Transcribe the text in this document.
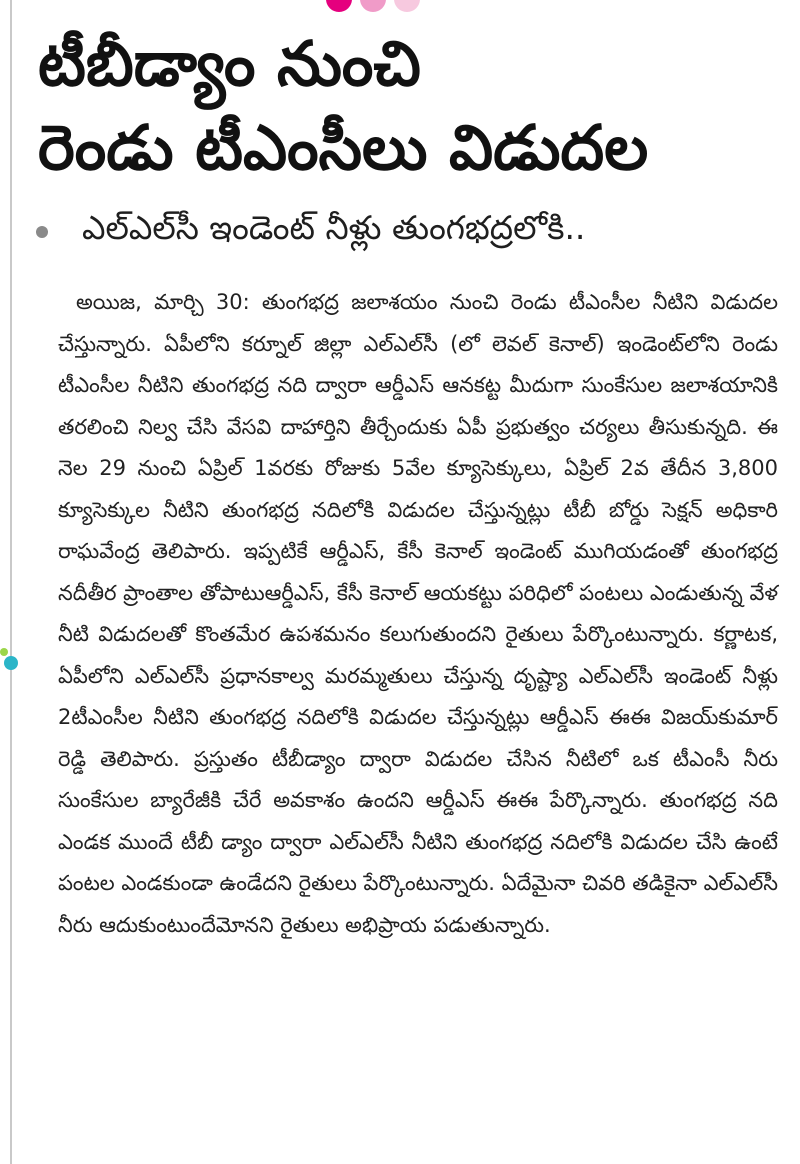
టీబీడ్యాం నుంచి
రెండు టీఎంసీలు విడుదల
ఎల్‌ఎల్‌సీ ఇండెంట్‌ నీళ్లు తుంగభద్రలోకి..

అయిజ, మార్చి 30: తుంగభద్ర జలాశయం నుంచి రెండు టీఎంసీల నీటిని విడుదల చేస్తున్నారు. ఏపీలోని కర్నూల్‌ జిల్లా ఎల్‌ఎల్‌సీ (లో లెవల్‌ కెనాల్‌) ఇండెంట్‌లోని రెండు టీఎంసీల నీటిని తుంగభద్ర నది ద్వారా ఆర్డీఎస్‌ ఆనకట్ట మీదుగా సుంకేసుల జలాశయానికి తరలించి నిల్వ చేసి వేసవి దాహార్తిని తీర్చేందుకు ఏపీ ప్రభుత్వం చర్యలు తీసుకున్నది. ఈ నెల 29 నుంచి ఏప్రిల్‌ 1వరకు రోజుకు 5వేల క్యూసెక్కులు, ఏప్రిల్‌ 2వ తేదీన 3,800 క్యూసెక్కుల నీటిని తుంగభద్ర నదిలోకి విడుదల చేస్తున్నట్లు టీబీ బోర్డు సెక్షన్‌ అధికారి రాఘవేంద్ర తెలిపారు. ఇప్పటికే ఆర్డీఎస్‌, కేసీ కెనాల్‌ ఇండెంట్‌ ముగియడంతో తుంగభద్ర నదీతీర ప్రాంతాల తోపాటుఆర్డీఎస్‌, కేసీ కెనాల్‌ ఆయకట్టు పరిధిలో పంటలు ఎండుతున్న వేళ నీటి విడుదలతో కొంతమేర ఉపశమనం కలుగుతుందని రైతులు పేర్కొంటున్నారు. కర్ణాటక, ఏపీలోని ఎల్‌ఎల్‌సీ ప్రధానకాల్వ మరమ్మతులు చేస్తున్న దృష్ట్యా ఎల్‌ఎల్‌సీ ఇండెంట్‌ నీళ్లు 2టీఎంసీల నీటిని తుంగభద్ర నదిలోకి విడుదల చేస్తున్నట్లు ఆర్డీఎస్‌ ఈఈ విజయ్‌కుమార్‌ రెడ్డి తెలిపారు. ప్రస్తుతం టీబీడ్యాం ద్వారా విడుదల చేసిన నీటిలో ఒక టీఎంసీ నీరు సుంకేసుల బ్యారేజీకి చేరే అవకాశం ఉందని ఆర్డీఎస్‌ ఈఈ పేర్కొన్నారు. తుంగభద్ర నది ఎండక ముందే టీబీ డ్యాం ద్వారా ఎల్‌ఎల్‌సీ నీటిని తుంగభద్ర నదిలోకి విడుదల చేసి ఉంటే పంటల ఎండకుండా ఉండేదని రైతులు పేర్కొంటున్నారు. ఏదేమైనా చివరి తడికైనా ఎల్‌ఎల్‌సీ నీరు ఆదుకుంటుందేమోనని రైతులు అభిప్రాయ పడుతున్నారు.
